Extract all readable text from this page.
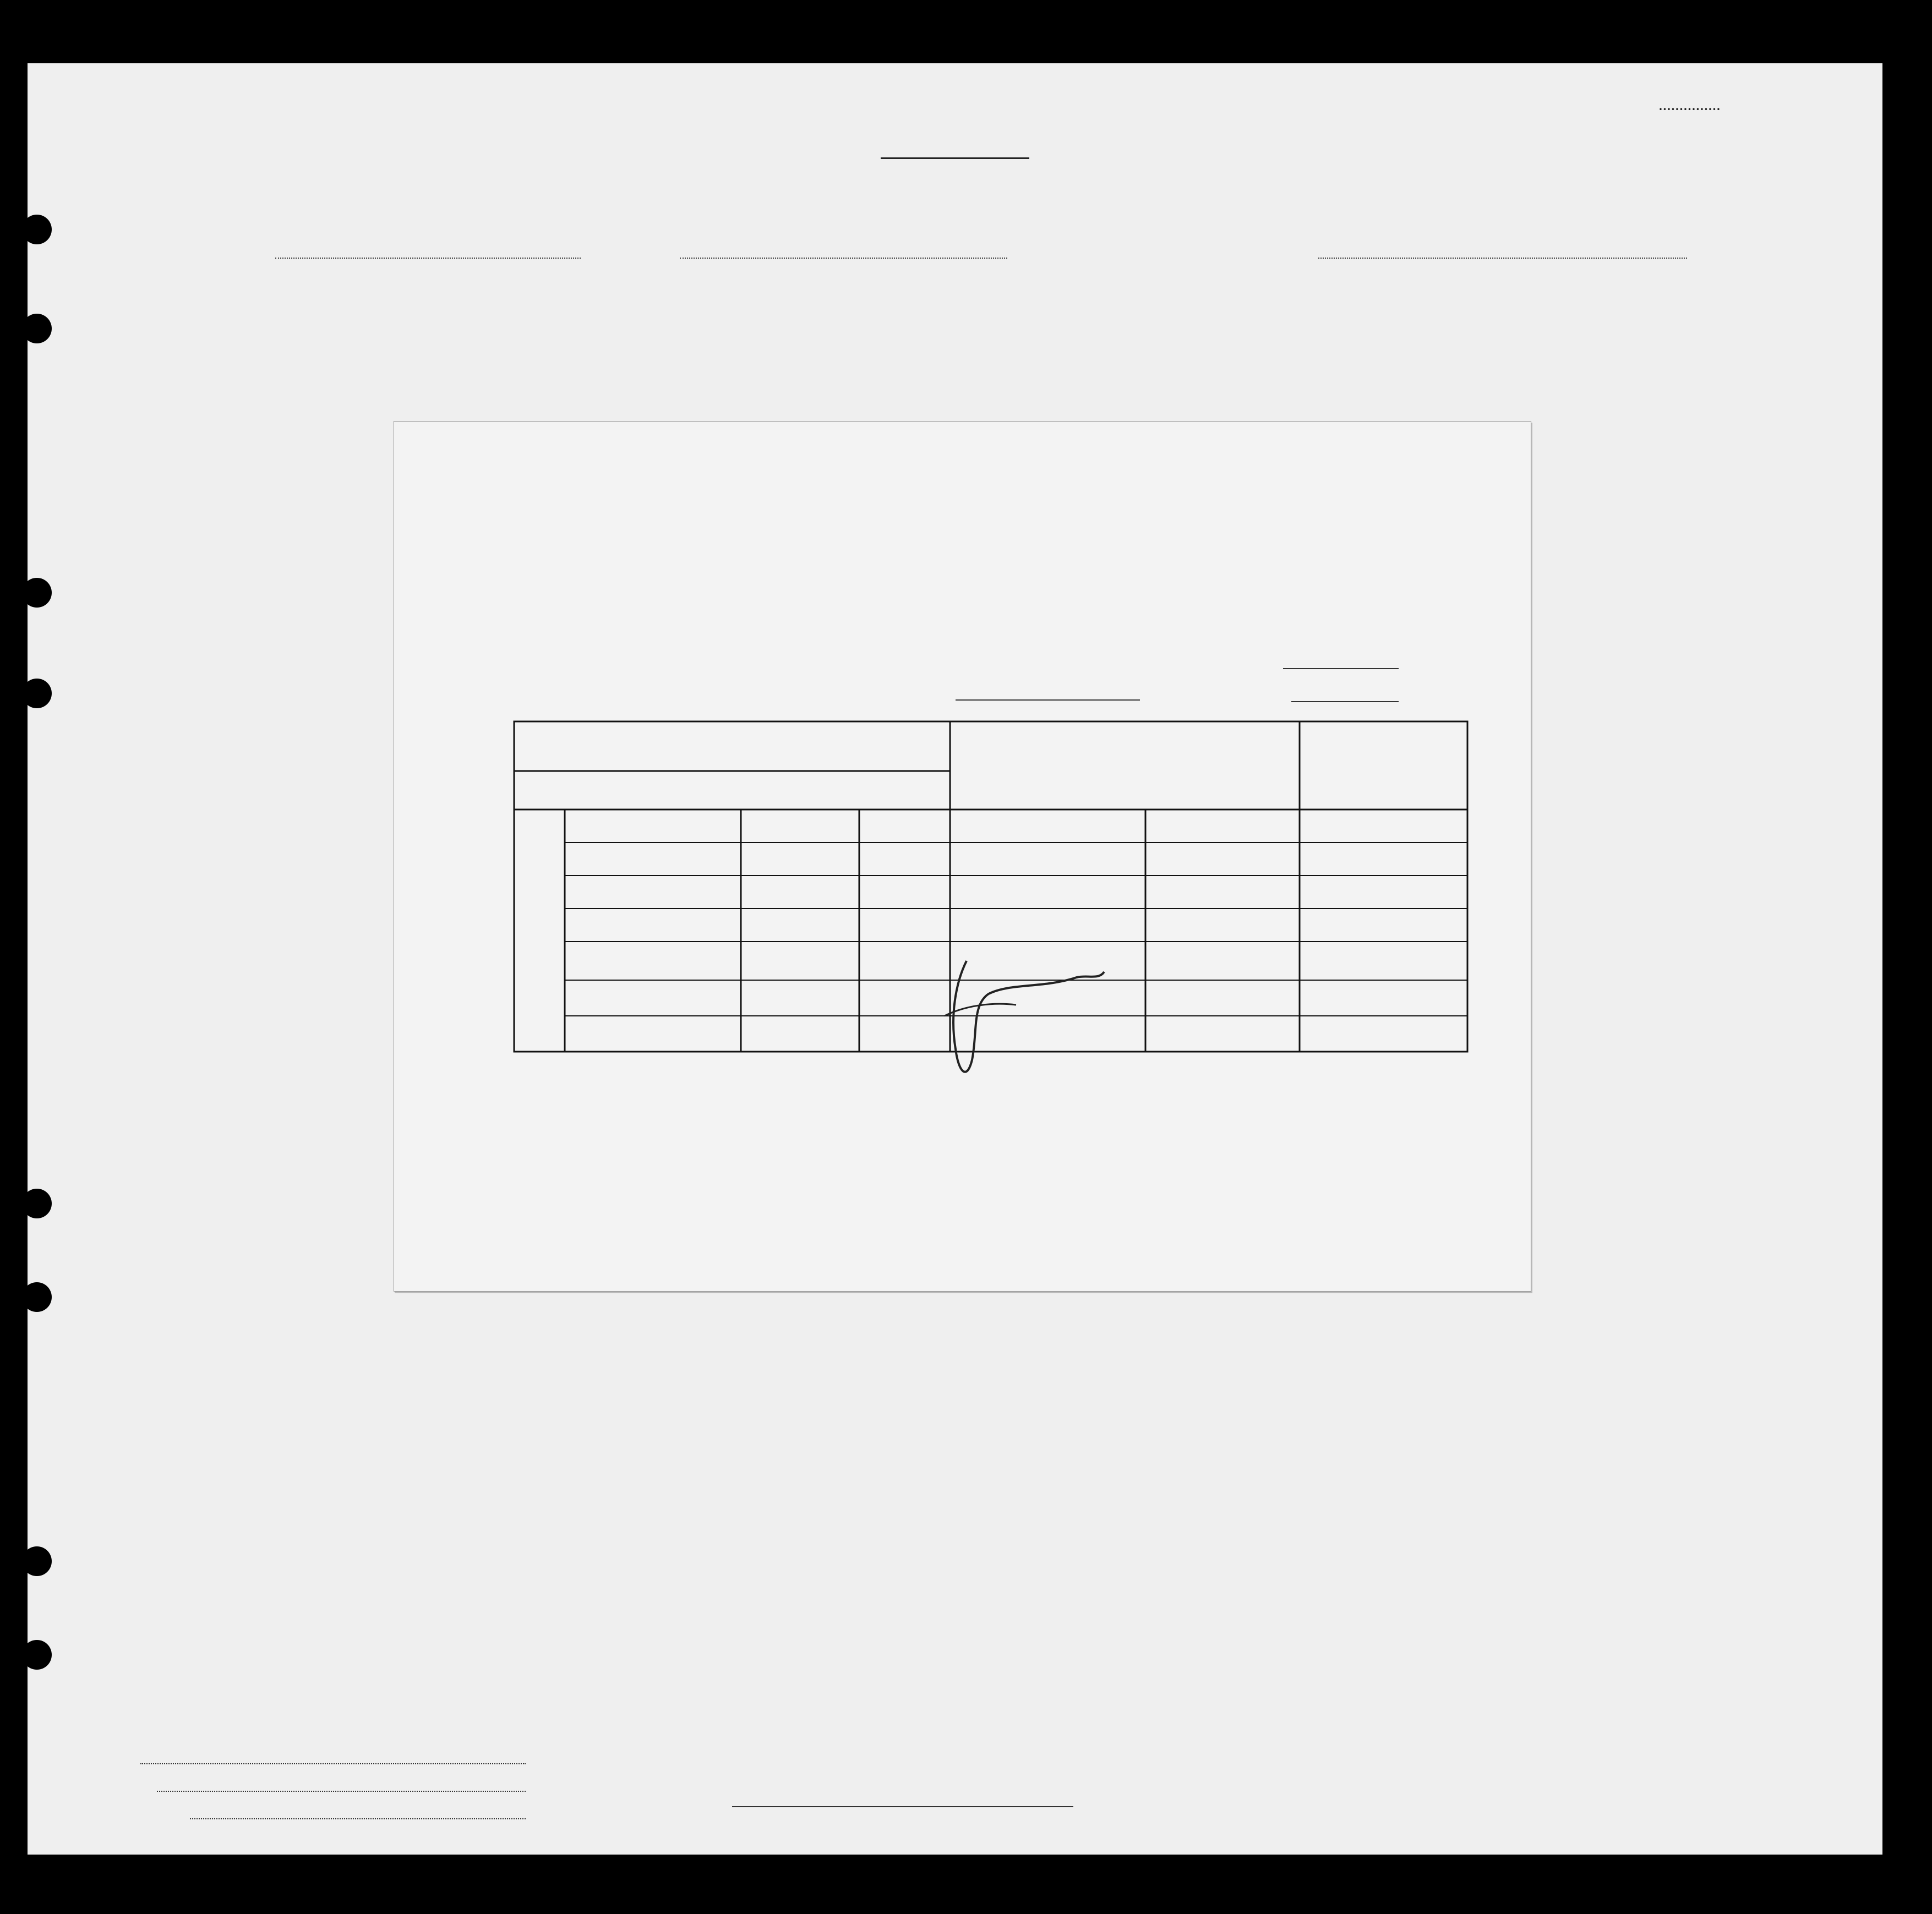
...............
